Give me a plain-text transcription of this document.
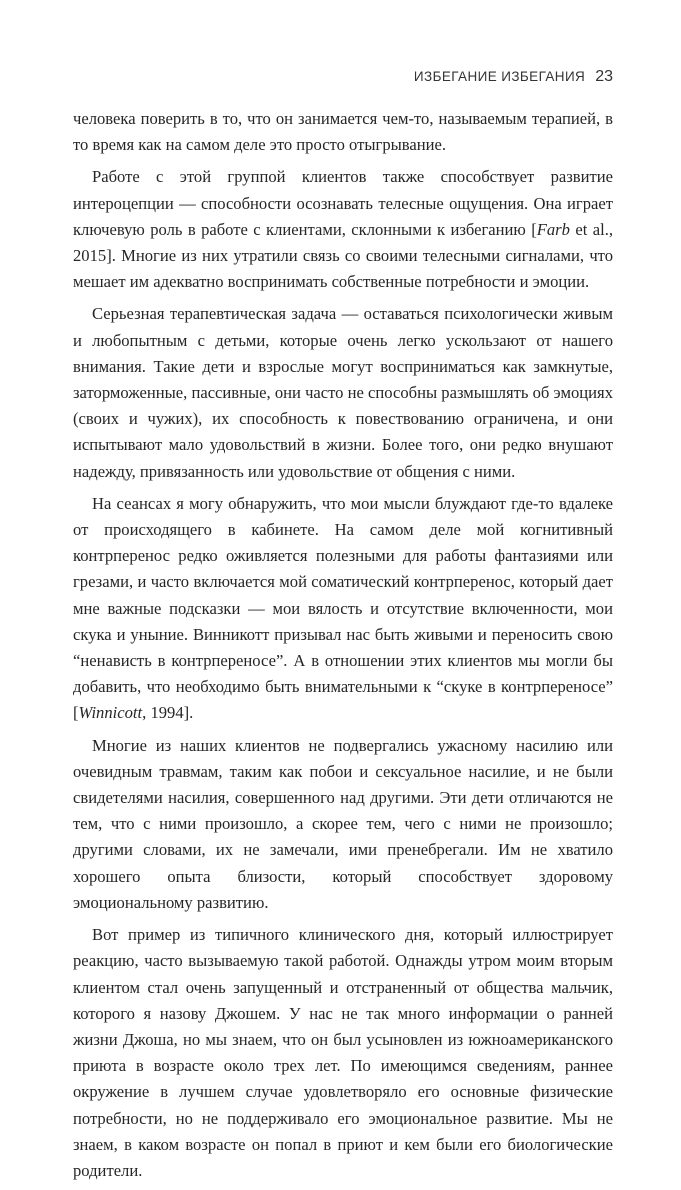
ИЗБЕГАНИЕ ИЗБЕГАНИЯ 23

человека поверить в то, что он занимается чем-то, называемым терапией, в то время как на самом деле это просто отыгрывание.

Работе с этой группой клиентов также способствует развитие интероцепции — способности осознавать телесные ощущения. Она играет ключевую роль в работе с клиентами, склонными к избеганию [Farb et al., 2015]. Многие из них утратили связь со своими телесными сигналами, что мешает им адекватно воспринимать собственные потребности и эмоции.

Серьезная терапевтическая задача — оставаться психологически живым и любопытным с детьми, которые очень легко ускользают от нашего внимания. Такие дети и взрослые могут восприниматься как замкнутые, заторможенные, пассивные, они часто не способны размышлять об эмоциях (своих и чужих), их способность к повествованию ограничена, и они испытывают мало удовольствий в жизни. Более того, они редко внушают надежду, привязанность или удовольствие от общения с ними.

На сеансах я могу обнаружить, что мои мысли блуждают где-то вдалеке от происходящего в кабинете. На самом деле мой когнитивный контрперенос редко оживляется полезными для работы фантазиями или грезами, и часто включается мой соматический контрперенос, который дает мне важные подсказки — мои вялость и отсутствие включенности, мои скука и уныние. Винникотт призывал нас быть живыми и переносить свою “ненависть в контрпереносе”. А в отношении этих клиентов мы могли бы добавить, что необходимо быть внимательными к “скуке в контрпереносе” [Winnicott, 1994].

Многие из наших клиентов не подвергались ужасному насилию или очевидным травмам, таким как побои и сексуальное насилие, и не были свидетелями насилия, совершенного над другими. Эти дети отличаются не тем, что с ними произошло, а скорее тем, чего с ними не произошло; другими словами, их не замечали, ими пренебрегали. Им не хватило хорошего опыта близости, который способствует здоровому эмоциональному развитию.

Вот пример из типичного клинического дня, который иллюстрирует реакцию, часто вызываемую такой работой. Однажды утром моим вторым клиентом стал очень запущенный и отстраненный от общества мальчик, которого я назову Джошем. У нас не так много информации о ранней жизни Джоша, но мы знаем, что он был усыновлен из южноамериканского приюта в возрасте около трех лет. По имеющимся сведениям, раннее окружение в лучшем случае удовлетворяло его основные физические потребности, но не поддерживало его эмоциональное развитие. Мы не знаем, в каком возрасте он попал в приют и кем были его биологические родители.
